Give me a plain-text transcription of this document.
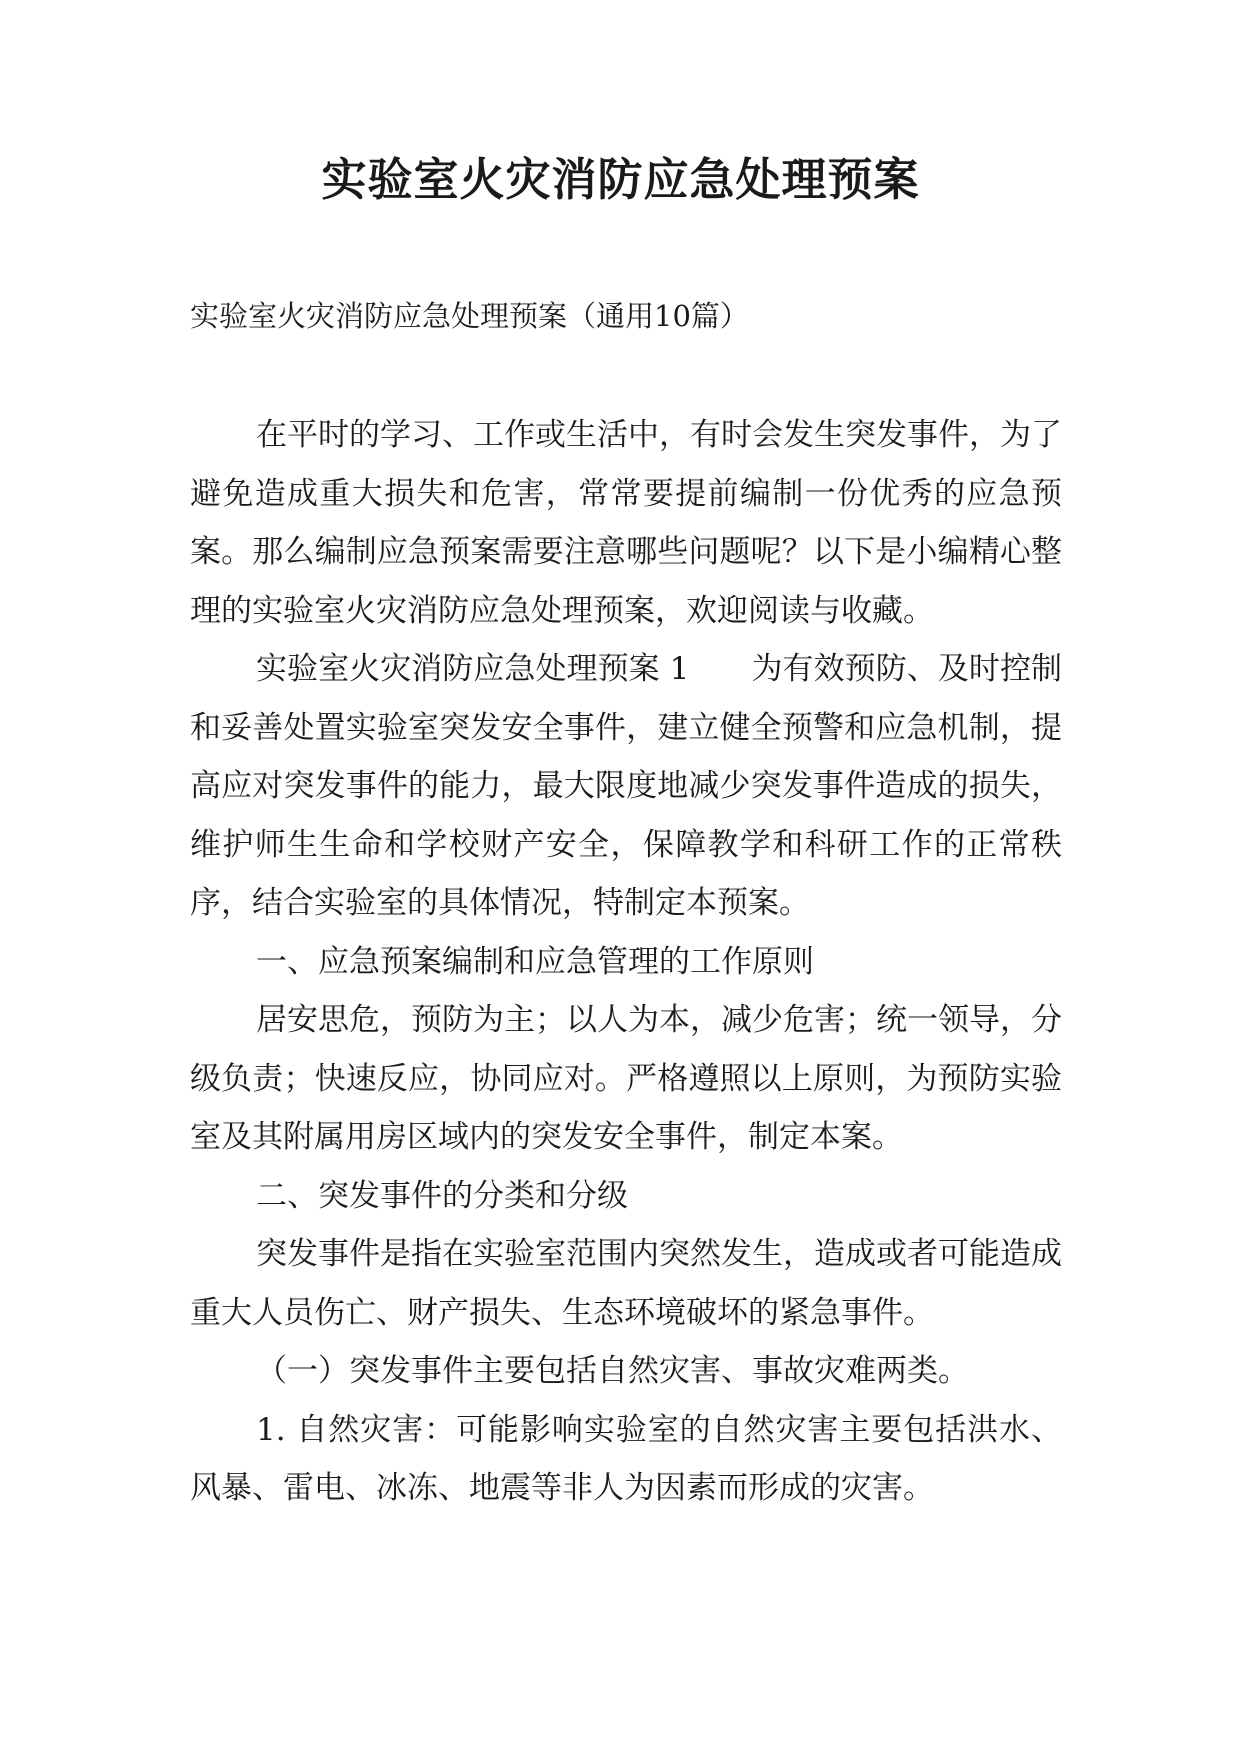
实验室火灾消防应急处理预案

实验室火灾消防应急处理预案（通用10篇）

在平时的学习、工作或生活中，有时会发生突发事件，为了避免造成重大损失和危害，常常要提前编制一份优秀的应急预案。那么编制应急预案需要注意哪些问题呢？以下是小编精心整理的实验室火灾消防应急处理预案，欢迎阅读与收藏。

实验室火灾消防应急处理预案 1　　为有效预防、及时控制和妥善处置实验室突发安全事件，建立健全预警和应急机制，提高应对突发事件的能力，最大限度地减少突发事件造成的损失，维护师生生命和学校财产安全，保障教学和科研工作的正常秩序，结合实验室的具体情况，特制定本预案。

一、应急预案编制和应急管理的工作原则

居安思危，预防为主；以人为本，减少危害；统一领导，分级负责；快速反应，协同应对。严格遵照以上原则，为预防实验室及其附属用房区域内的突发安全事件，制定本案。

二、突发事件的分类和分级

突发事件是指在实验室范围内突然发生，造成或者可能造成重大人员伤亡、财产损失、生态环境破坏的紧急事件。

（一）突发事件主要包括自然灾害、事故灾难两类。

1. 自然灾害：可能影响实验室的自然灾害主要包括洪水、风暴、雷电、冰冻、地震等非人为因素而形成的灾害。
